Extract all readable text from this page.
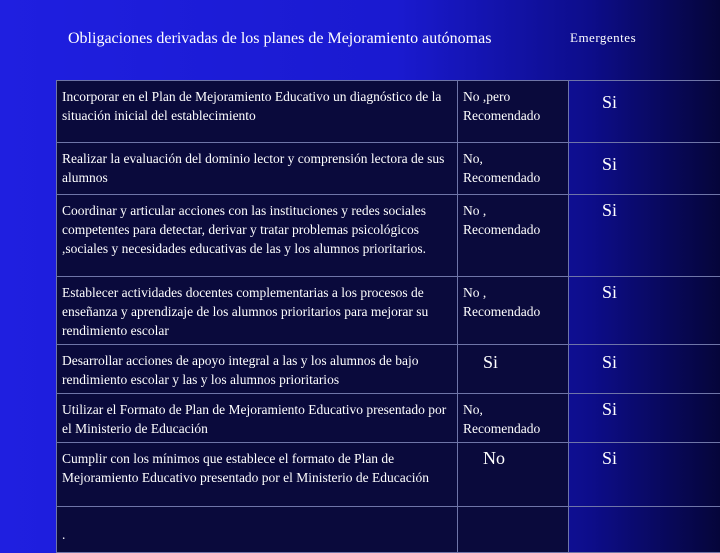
Obligaciones derivadas de los planes de Mejoramiento autónomas	Emergentes
Incorporar en el Plan de Mejoramiento Educativo un diagnóstico de la situación inicial del establecimiento	No ,pero Recomendado	Si

Realizar la evaluación del dominio lector y comprensión lectora de sus alumnos	No, Recomendado	Si

Coordinar y articular acciones con las instituciones y redes sociales competentes para detectar, derivar y tratar problemas psicológicos ,sociales y necesidades educativas de las y los alumnos prioritarios.	No , Recomendado	Si

Establecer actividades docentes complementarias a los procesos de enseñanza y aprendizaje de los alumnos prioritarios para mejorar su rendimiento escolar	No , Recomendado	Si

Desarrollar acciones de apoyo integral a las y los alumnos de bajo rendimiento escolar y las y los alumnos prioritarios	Si	Si

Utilizar el Formato de Plan de Mejoramiento Educativo presentado por el Ministerio de Educación	No, Recomendado	Si

Cumplir con los mínimos que establece el formato de Plan de Mejoramiento Educativo presentado por el Ministerio de Educación	No	Si

.		
